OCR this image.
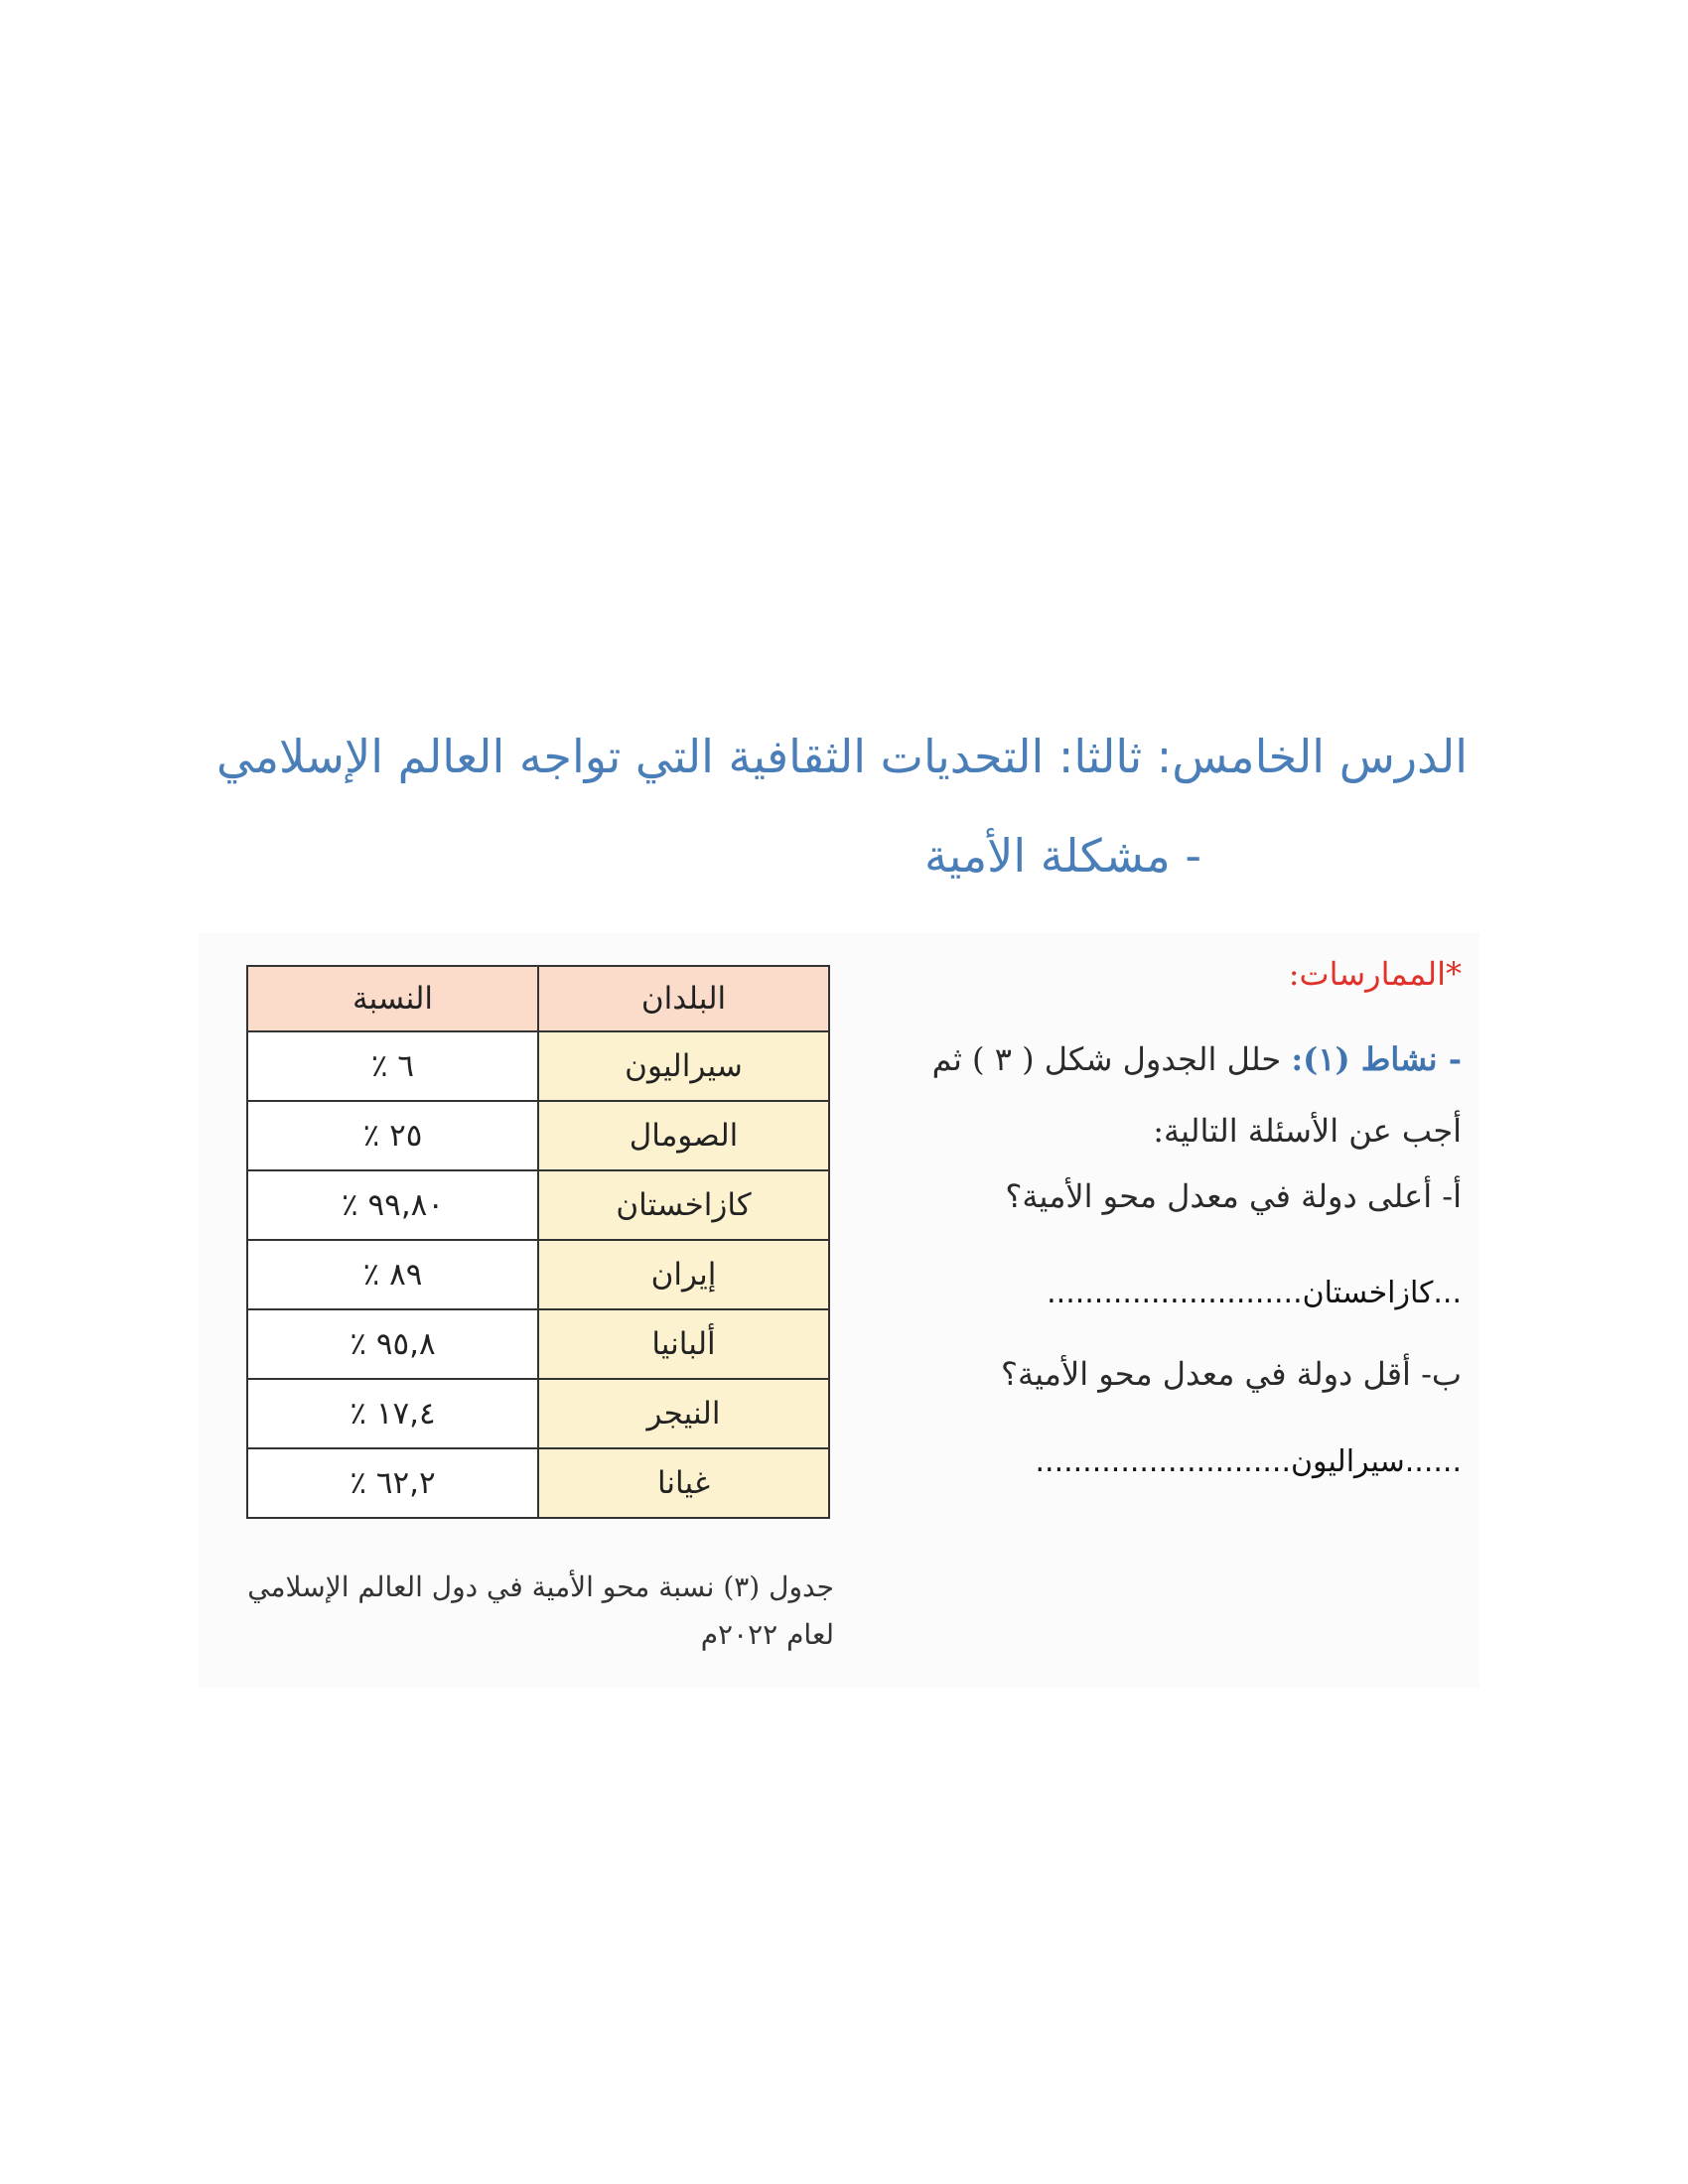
الدرس الخامس: ثالثا: التحديات الثقافية التي تواجه العالم الإسلامي
- مشكلة الأمية
البلدان	النسبة
سيراليون	٦ ٪
الصومال	٢٥ ٪
كازاخستان	٩٩,٨٠ ٪
إيران	٨٩ ٪
ألبانيا	٩٥,٨ ٪
النيجر	١٧,٤ ٪
غيانا	٦٢,٢ ٪
جدول (٣) نسبة محو الأمية في دول العالم الإسلامي
لعام ٢٠٢٢م
*الممارسات:
- نشاط (١): حلل الجدول شكل ( ٣ ) ثم
أجب عن الأسئلة التالية:
أ- أعلى دولة في معدل محو الأمية؟
...كازاخستان...........................
ب- أقل دولة في معدل محو الأمية؟
......سيراليون...........................
